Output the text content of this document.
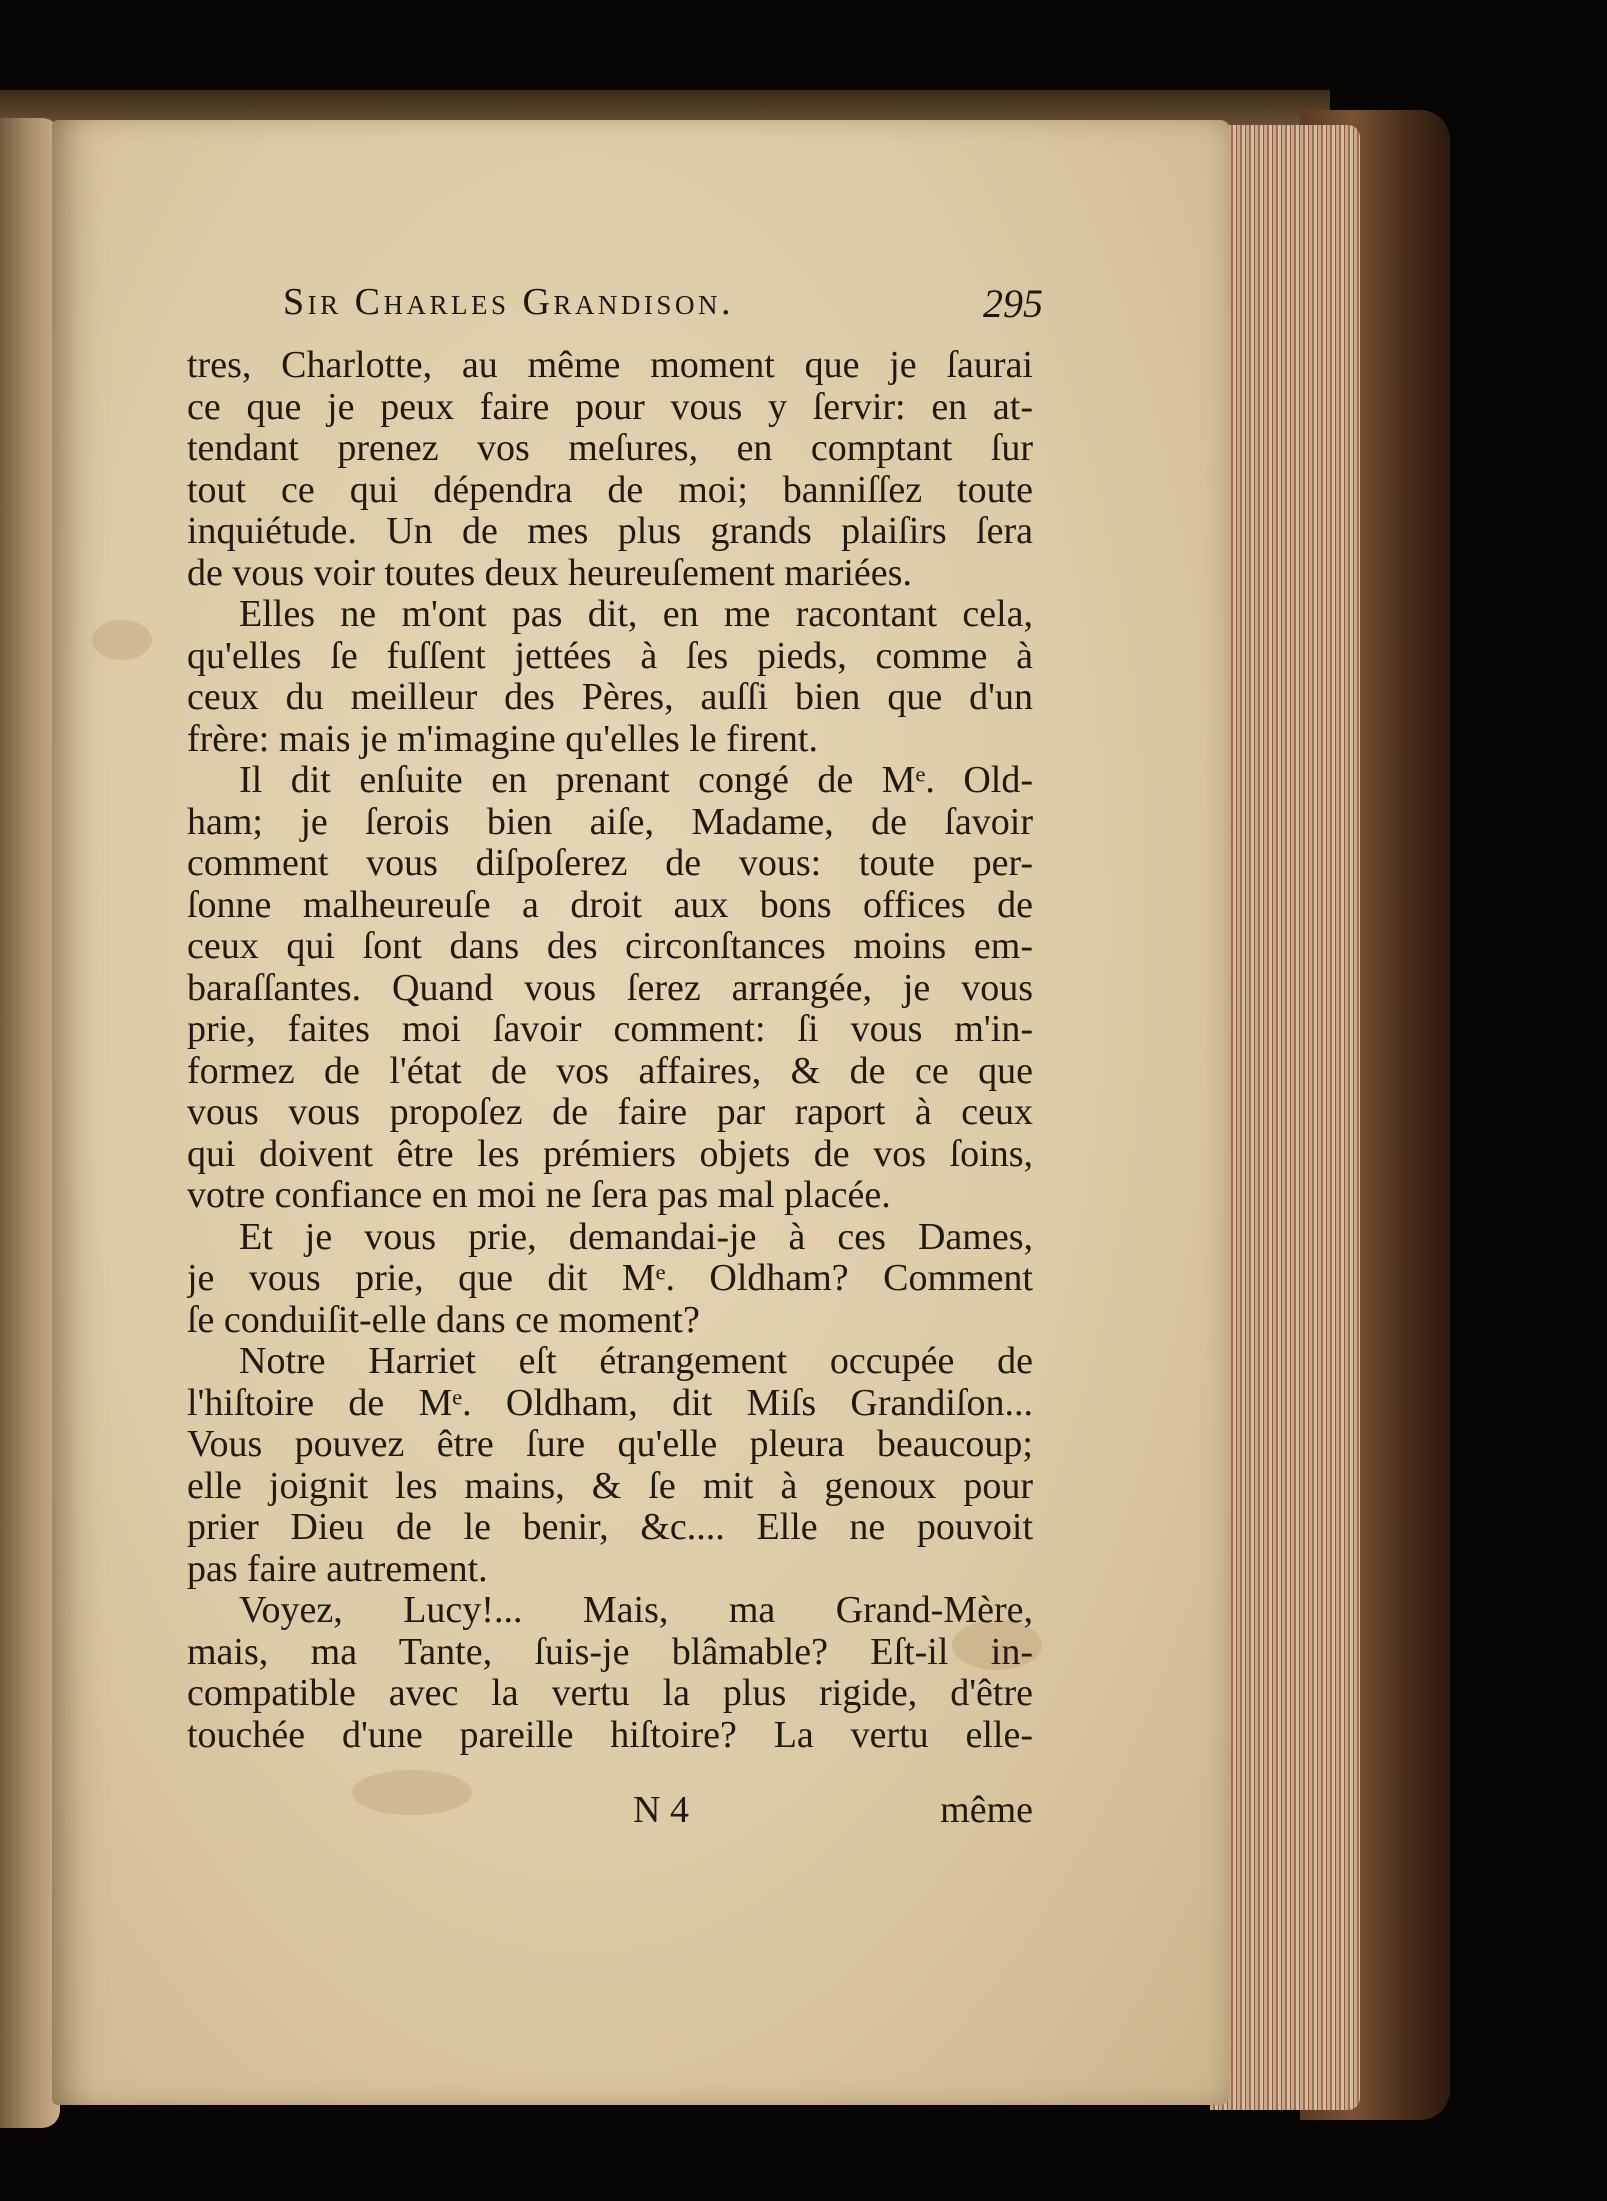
Sir Charles Grandison.	295
tres, Charlotte, au même moment que je ſaurai
ce que je peux faire pour vous y ſervir: en at-
tendant prenez vos meſures, en comptant ſur
tout ce qui dépendra de moi; banniſſez toute
inquiétude. Un de mes plus grands plaiſirs ſera
de vous voir toutes deux heureuſement mariées.
Elles ne m'ont pas dit, en me racontant cela,
qu'elles ſe fuſſent jettées à ſes pieds, comme à
ceux du meilleur des Pères, auſſi bien que d'un
frère: mais je m'imagine qu'elles le firent.
Il dit enſuite en prenant congé de Mᵉ. Old-
ham; je ſerois bien aiſe, Madame, de ſavoir
comment vous diſpoſerez de vous: toute per-
ſonne malheureuſe a droit aux bons offices de
ceux qui ſont dans des circonſtances moins em-
baraſſantes. Quand vous ſerez arrangée, je vous
prie, faites moi ſavoir comment: ſi vous m'in-
formez de l'état de vos affaires, & de ce que
vous vous propoſez de faire par raport à ceux
qui doivent être les prémiers objets de vos ſoins,
votre confiance en moi ne ſera pas mal placée.
Et je vous prie, demandai-je à ces Dames,
je vous prie, que dit Mᵉ. Oldham? Comment
ſe conduiſit-elle dans ce moment?
Notre Harriet eſt étrangement occupée de
l'hiſtoire de Mᵉ. Oldham, dit Miſs Grandiſon...
Vous pouvez être ſure qu'elle pleura beaucoup;
elle joignit les mains, & ſe mit à genoux pour
prier Dieu de le benir, &c.... Elle ne pouvoit
pas faire autrement.
Voyez, Lucy!... Mais, ma Grand-Mère,
mais, ma Tante, ſuis-je blâmable? Eſt-il in-
compatible avec la vertu la plus rigide, d'être
touchée d'une pareille hiſtoire? La vertu elle-
N 4	même
